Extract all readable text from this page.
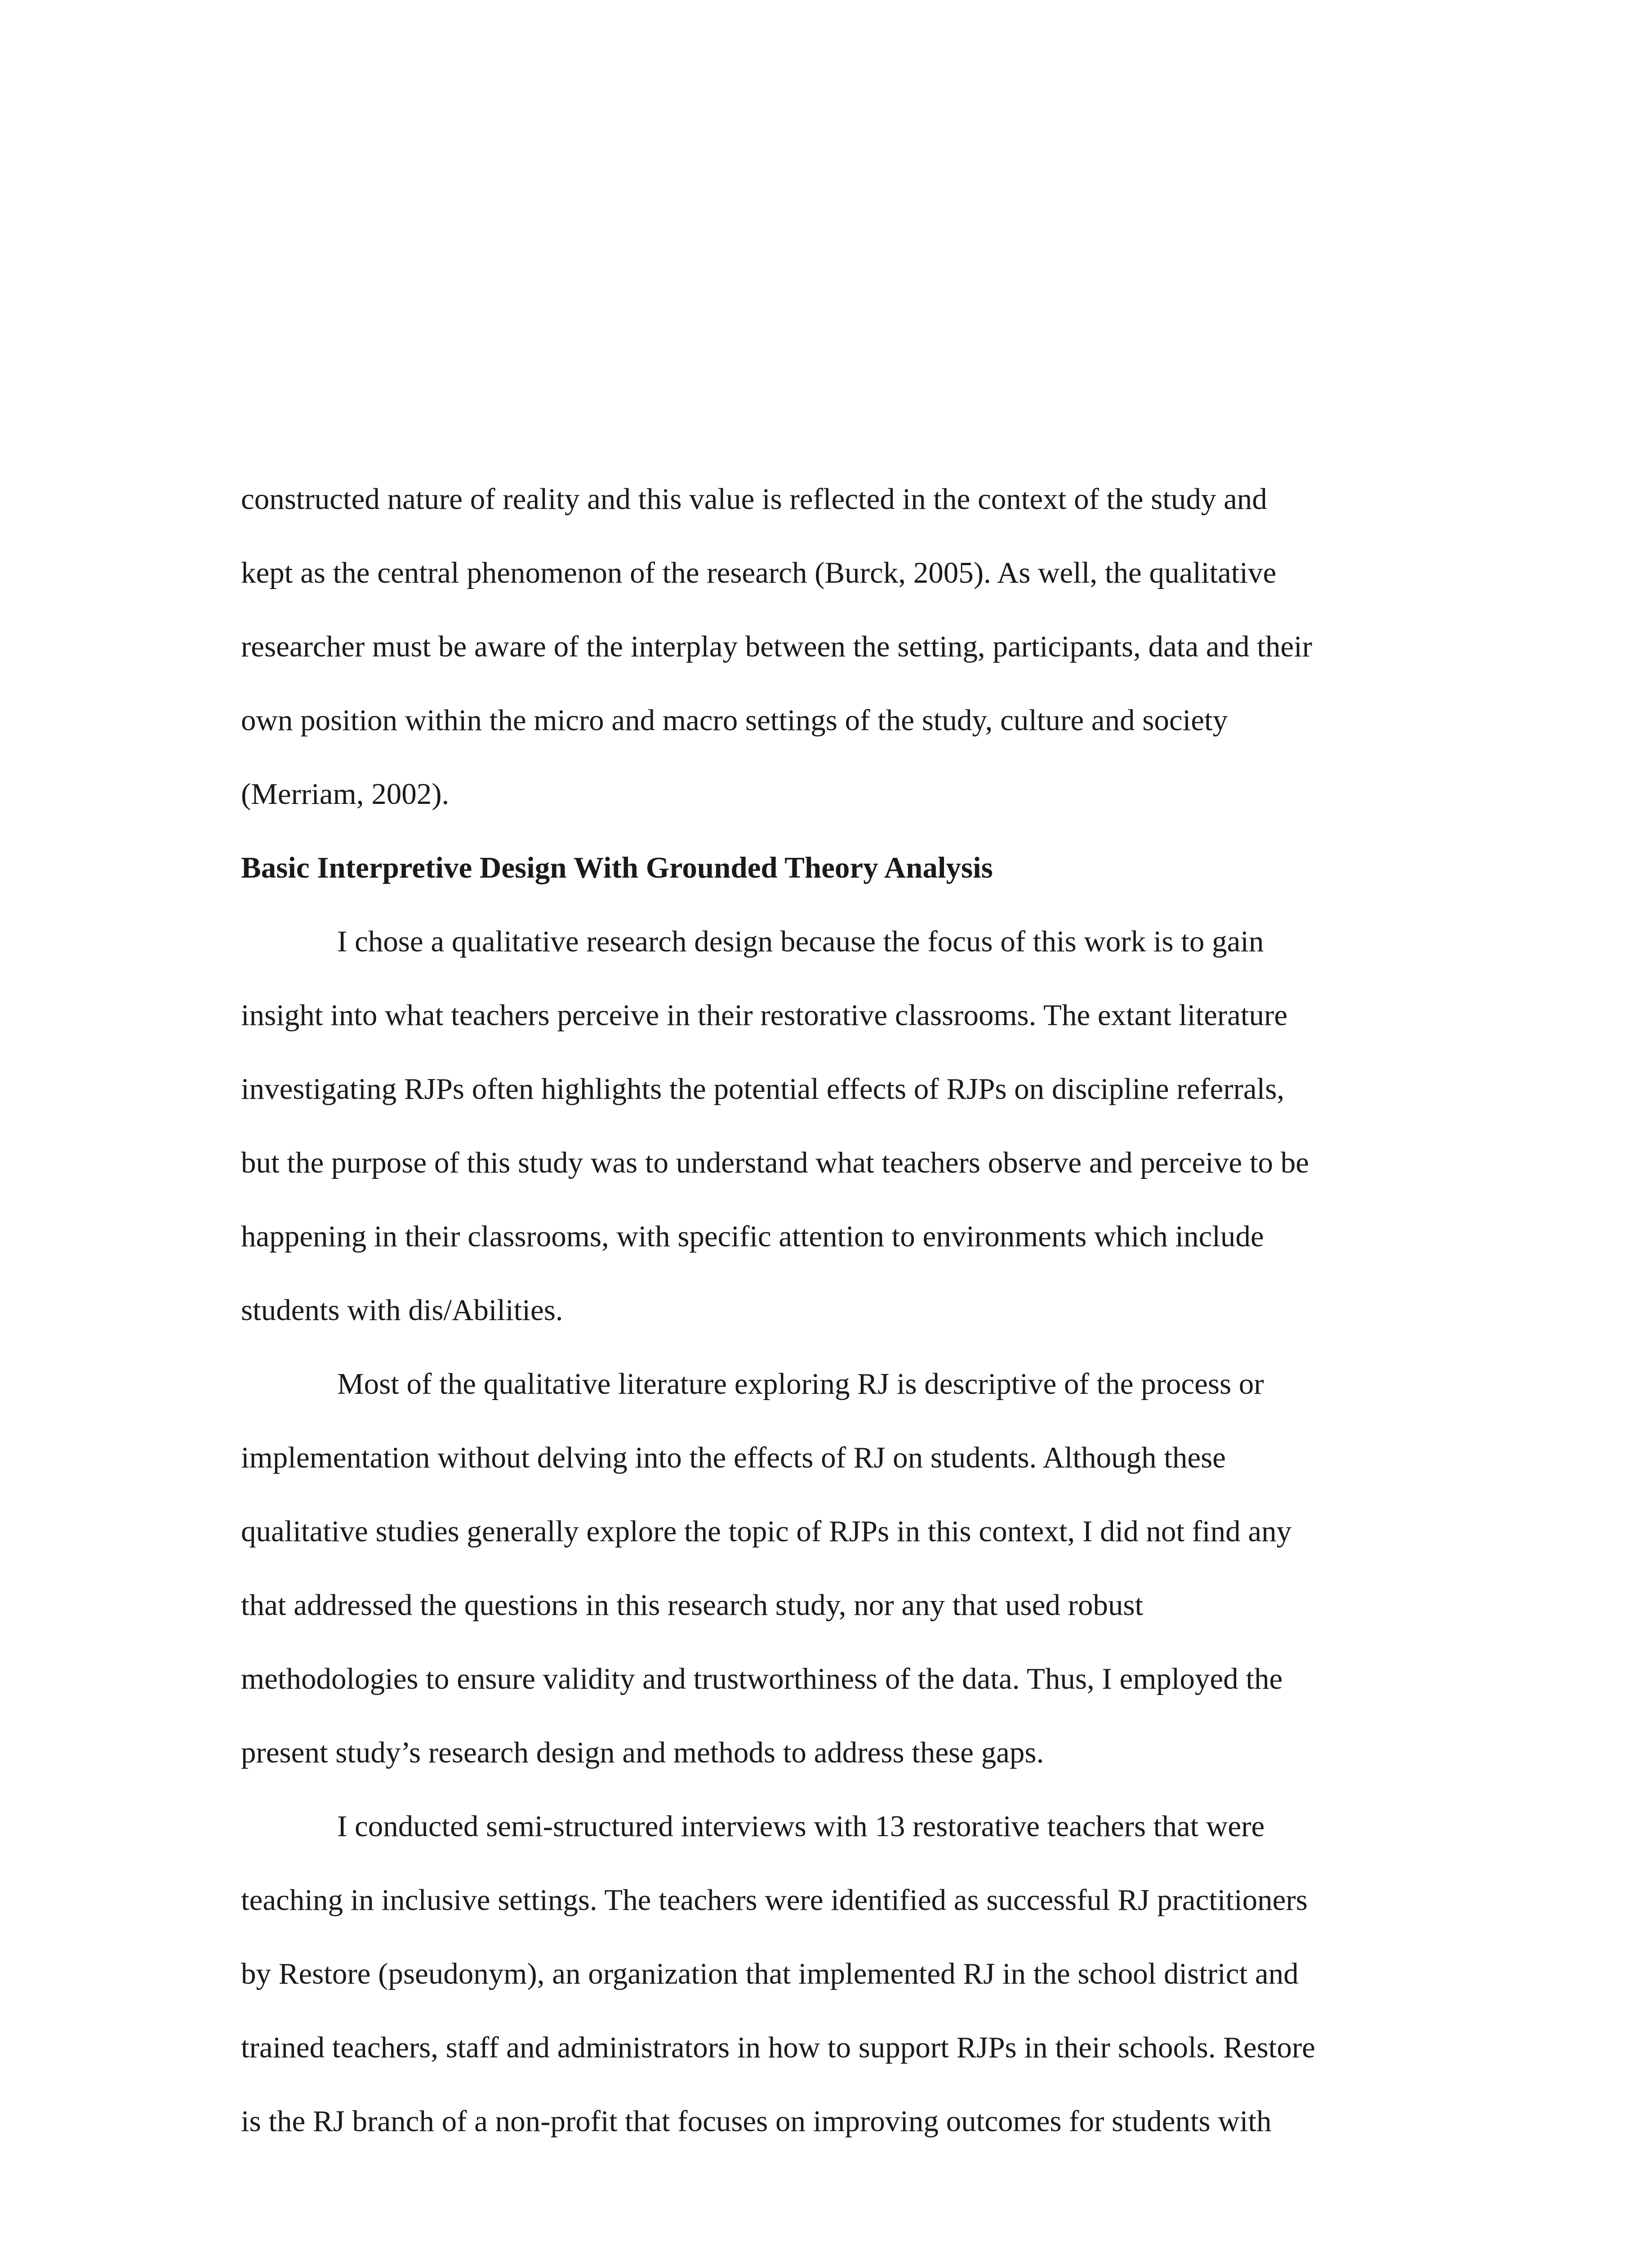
constructed nature of reality and this value is reflected in the context of the study and
kept as the central phenomenon of the research (Burck, 2005). As well, the qualitative
researcher must be aware of the interplay between the setting, participants, data and their
own position within the micro and macro settings of the study, culture and society
(Merriam, 2002).
Basic Interpretive Design With Grounded Theory Analysis
I chose a qualitative research design because the focus of this work is to gain
insight into what teachers perceive in their restorative classrooms. The extant literature
investigating RJPs often highlights the potential effects of RJPs on discipline referrals,
but the purpose of this study was to understand what teachers observe and perceive to be
happening in their classrooms, with specific attention to environments which include
students with dis/Abilities.
Most of the qualitative literature exploring RJ is descriptive of the process or
implementation without delving into the effects of RJ on students. Although these
qualitative studies generally explore the topic of RJPs in this context, I did not find any
that addressed the questions in this research study, nor any that used robust
methodologies to ensure validity and trustworthiness of the data. Thus, I employed the
present study’s research design and methods to address these gaps.
I conducted semi-structured interviews with 13 restorative teachers that were
teaching in inclusive settings. The teachers were identified as successful RJ practitioners
by Restore (pseudonym), an organization that implemented RJ in the school district and
trained teachers, staff and administrators in how to support RJPs in their schools. Restore
is the RJ branch of a non-profit that focuses on improving outcomes for students with
